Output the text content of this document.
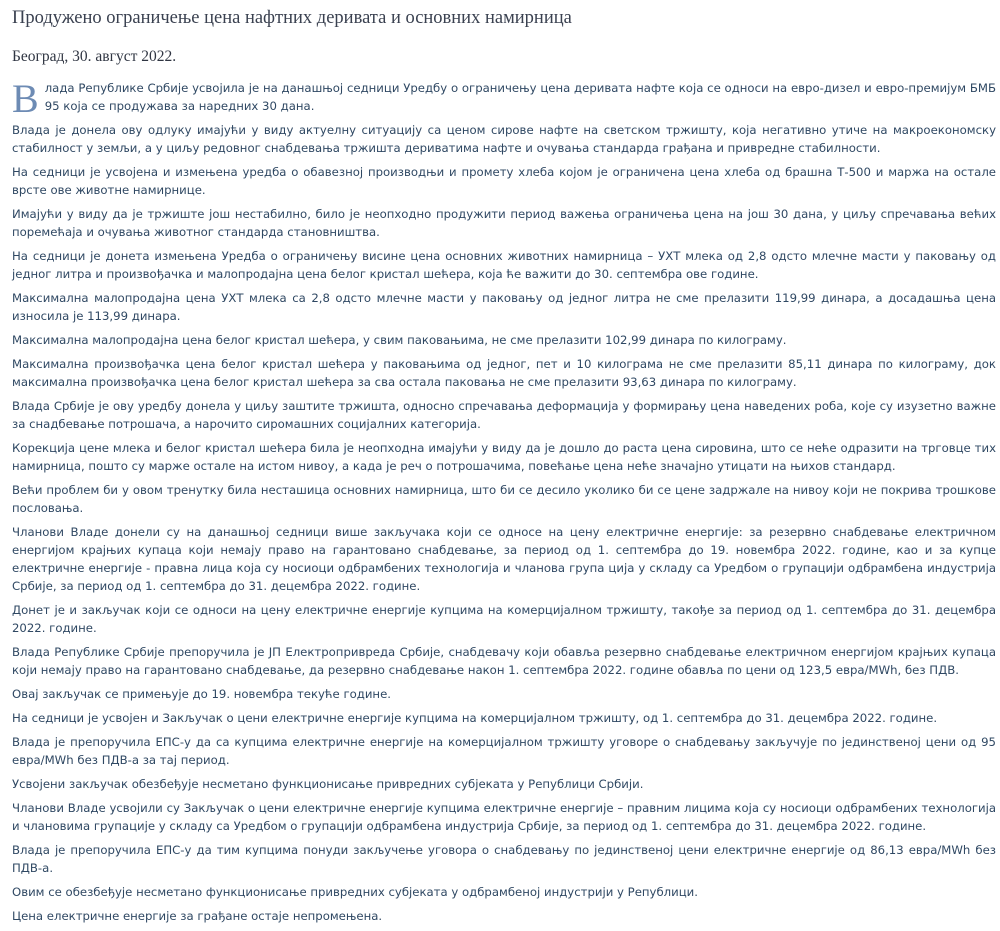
Продужено ограничење цена нафтних деривата и основних намирница
Београд, 30. август 2022.

Влада Републике Србије усвојила је на данашњој седници Уредбу о ограничењу цена деривата нафте која се односи на евро-дизел и евро-премијум БМБ 95 која се продужава за наредних 30 дана.

Влада је донела ову одлуку имајући у виду актуелну ситуацију са ценом сирове нафте на светском тржишту, која негативно утиче на макроекономску стабилност у земљи, а у циљу редовног снабдевања тржишта дериватима нафте и очувања стандарда грађана и привредне стабилности.

На седници је усвојена и измењена уредба о обавезној производњи и промету хлеба којом је ограничена цена хлеба од брашна Т-500 и маржа на остале врсте ове животне намирнице.

Имајући у виду да је тржиште још нестабилно, било је неопходно продужити период важења ограничења цена на још 30 дана, у циљу спречавања већих поремећаја и очувања животног стандарда становништва.

На седници је донета измењена Уредба о ограничењу висине цена основних животних намирница – УХТ млека од 2,8 одсто млечне масти у паковању од једног литра и произвођачка и малопродајна цена белог кристал шећера, која ће важити до 30. септембра ове године.

Максимална малопродајна цена УХТ млека са 2,8 одсто млечне масти у паковању од једног литра не сме прелазити 119,99 динара, а досадашња цена износила је 113,99 динара.

Максимална малопродајна цена белог кристал шећера, у свим паковањима, не сме прелазити 102,99 динара по килограму.

Максимална произвођачка цена белог кристал шећера у паковањима од једног, пет и 10 килограма не сме прелазити 85,11 динара по килограму, док максимална произвођачка цена белог кристал шећера за сва остала паковања не сме прелазити 93,63 динара по килограму.

Влада Србије је ову уредбу донела у циљу заштите тржишта, односно спречавања деформација у формирању цена наведених роба, које су изузетно важне за снадбевање потрошача, а нарочито сиромашних социјалних категорија.

Корекција цене млека и белог кристал шећера била је неопходна имајући у виду да је дошло до раста цена сировина, што се неће одразити на трговце тих намирница, пошто су марже остале на истом нивоу, а када је реч о потрошачима, повећање цена неће значајно утицати на њихов стандард.

Већи проблем би у овом тренутку била несташица основних намирница, што би се десило уколико би се цене задржале на нивоу који не покрива трошкове пословања.

Чланови Владе донели су на данашњој седници више закључака који се односе на цену електричне енергије: за резервно снабдевање електричном енергијом крајњих купаца који немају право на гарантовано снабдевање, за период од 1. септембра до 19. новембра 2022. године, као и за купце електричне енергије - правна лица која су носиоци одбрамбених технологија и чланова група ција у складу са Уредбом о групацији одбрамбена индустрија Србије, за период од 1. септембра до 31. децембра 2022. године.

Донет је и закључак који се односи на цену електричне енергије купцима на комерцијалном тржишту, такође за период од 1. септембра до 31. децембра 2022. године.

Влада Републике Србије препоручила је ЈП Електропривреда Србије, снабдевачу који обавља резервно снабдевање електричном енергијом крајњих купаца који немају право на гарантовано снабдевање, да резервно снабдевање након 1. септембра 2022. године обавља по цени од 123,5 евра/MWh, без ПДВ.

Овај закључак се примењује до 19. новембра текуће године.

На седници је усвојен и Закључак о цени електричне енергије купцима на комерцијалном тржишту, од 1. септембра до 31. децембра 2022. године.

Влада је препоручила ЕПС-у да са купцима електричне енергије на комерцијалном тржишту уговоре о снабдевању закључује по јединственој цени од 95 евра/MWh без ПДВ-а за тај период.

Усвојени закључак обезбеђује несметано функционисање привредних субјеката у Републици Србији.

Чланови Владе усвојили су Закључак о цени електричне енергије купцима електричне енергије – правним лицима која су носиоци одбрамбених технологија и члановима групације у складу са Уредбом о групацији одбрамбена индустрија Србије, за период од 1. септембра до 31. децембра 2022. године.

Влада је препоручила ЕПС-у да тим купцима понуди закључење уговора о снабдевању по јединственој цени електричне енергије од 86,13 евра/MWh без ПДВ-а.

Овим се обезбеђује несметано функционисање привредних субјеката у одбрамбеној индустрији у Републици.

Цена електричне енергије за грађане остаје непромењена.
